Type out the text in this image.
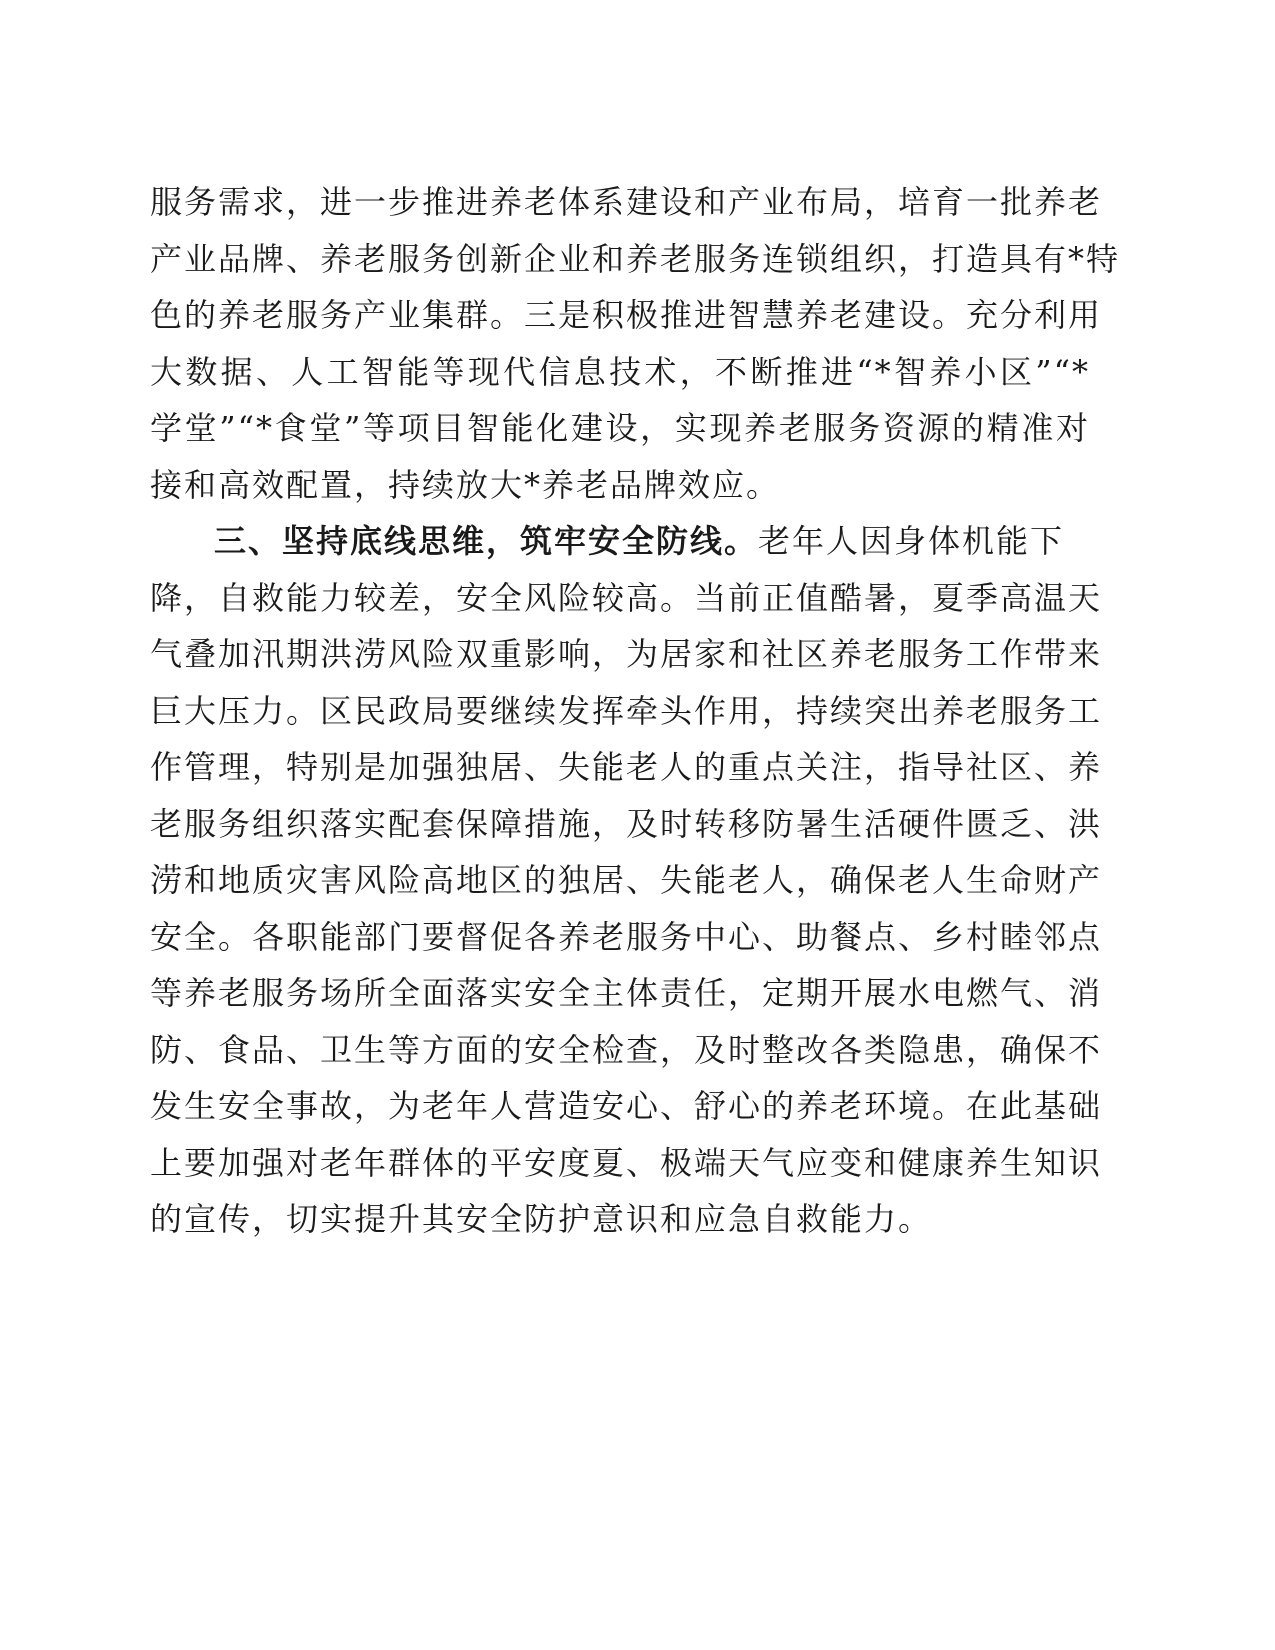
服务需求，进一步推进养老体系建设和产业布局，培育一批养老
产业品牌、养老服务创新企业和养老服务连锁组织，打造具有*特
色的养老服务产业集群。三是积极推进智慧养老建设。充分利用
大数据、人工智能等现代信息技术，不断推进“*智养小区”“*
学堂”“*食堂”等项目智能化建设，实现养老服务资源的精准对
接和高效配置，持续放大*养老品牌效应。
三、坚持底线思维，筑牢安全防线。老年人因身体机能下
降，自救能力较差，安全风险较高。当前正值酷暑，夏季高温天
气叠加汛期洪涝风险双重影响，为居家和社区养老服务工作带来
巨大压力。区民政局要继续发挥牵头作用，持续突出养老服务工
作管理，特别是加强独居、失能老人的重点关注，指导社区、养
老服务组织落实配套保障措施，及时转移防暑生活硬件匮乏、洪
涝和地质灾害风险高地区的独居、失能老人，确保老人生命财产
安全。各职能部门要督促各养老服务中心、助餐点、乡村睦邻点
等养老服务场所全面落实安全主体责任，定期开展水电燃气、消
防、食品、卫生等方面的安全检查，及时整改各类隐患，确保不
发生安全事故，为老年人营造安心、舒心的养老环境。在此基础
上要加强对老年群体的平安度夏、极端天气应变和健康养生知识
的宣传，切实提升其安全防护意识和应急自救能力。
